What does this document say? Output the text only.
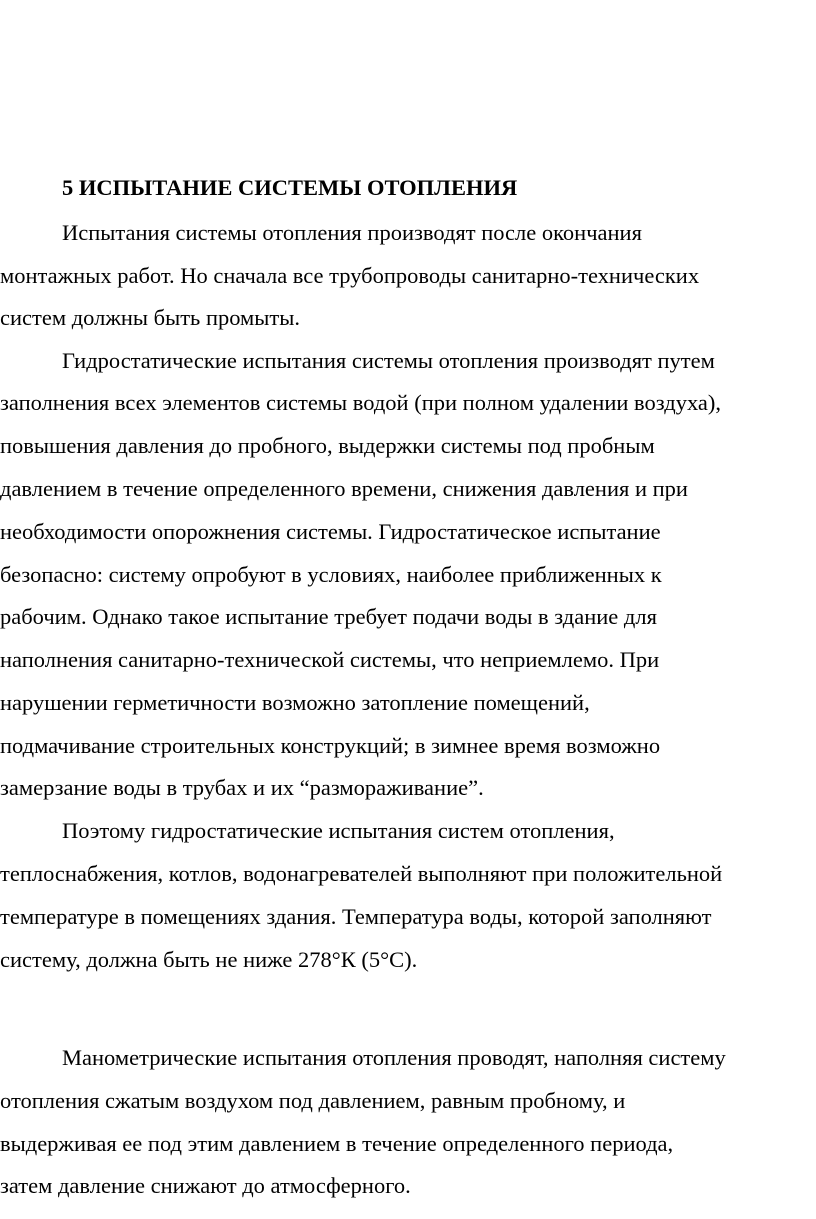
5 ИСПЫТАНИЕ СИСТЕМЫ ОТОПЛЕНИЯ

Испытания системы отопления производят после окончания

монтажных работ. Но сначала все трубопроводы санитарно-технических

систем должны быть промыты.

Гидростатические испытания системы отопления производят путем

заполнения всех элементов системы водой (при полном удалении воздуха),

повышения давления до пробного, выдержки системы под пробным

давлением в течение определенного времени, снижения давления и при

необходимости опорожнения системы. Гидростатическое испытание

безопасно: систему опробуют в условиях, наиболее приближенных к

рабочим. Однако такое испытание требует подачи воды в здание для

наполнения санитарно-технической системы, что неприемлемо. При

нарушении герметичности возможно затопление помещений,

подмачивание строительных конструкций; в зимнее время возможно

замерзание воды в трубах и их “размораживание”.

Поэтому гидростатические испытания систем отопления,

теплоснабжения, котлов, водонагревателей выполняют при положительной

температуре в помещениях здания. Температура воды, которой заполняют

систему, должна быть не ниже 278°К (5°С).

Манометрические испытания отопления проводят, наполняя систему

отопления сжатым воздухом под давлением, равным пробному, и

выдерживая ее под этим давлением в течение определенного периода,

затем давление снижают до атмосферного.
